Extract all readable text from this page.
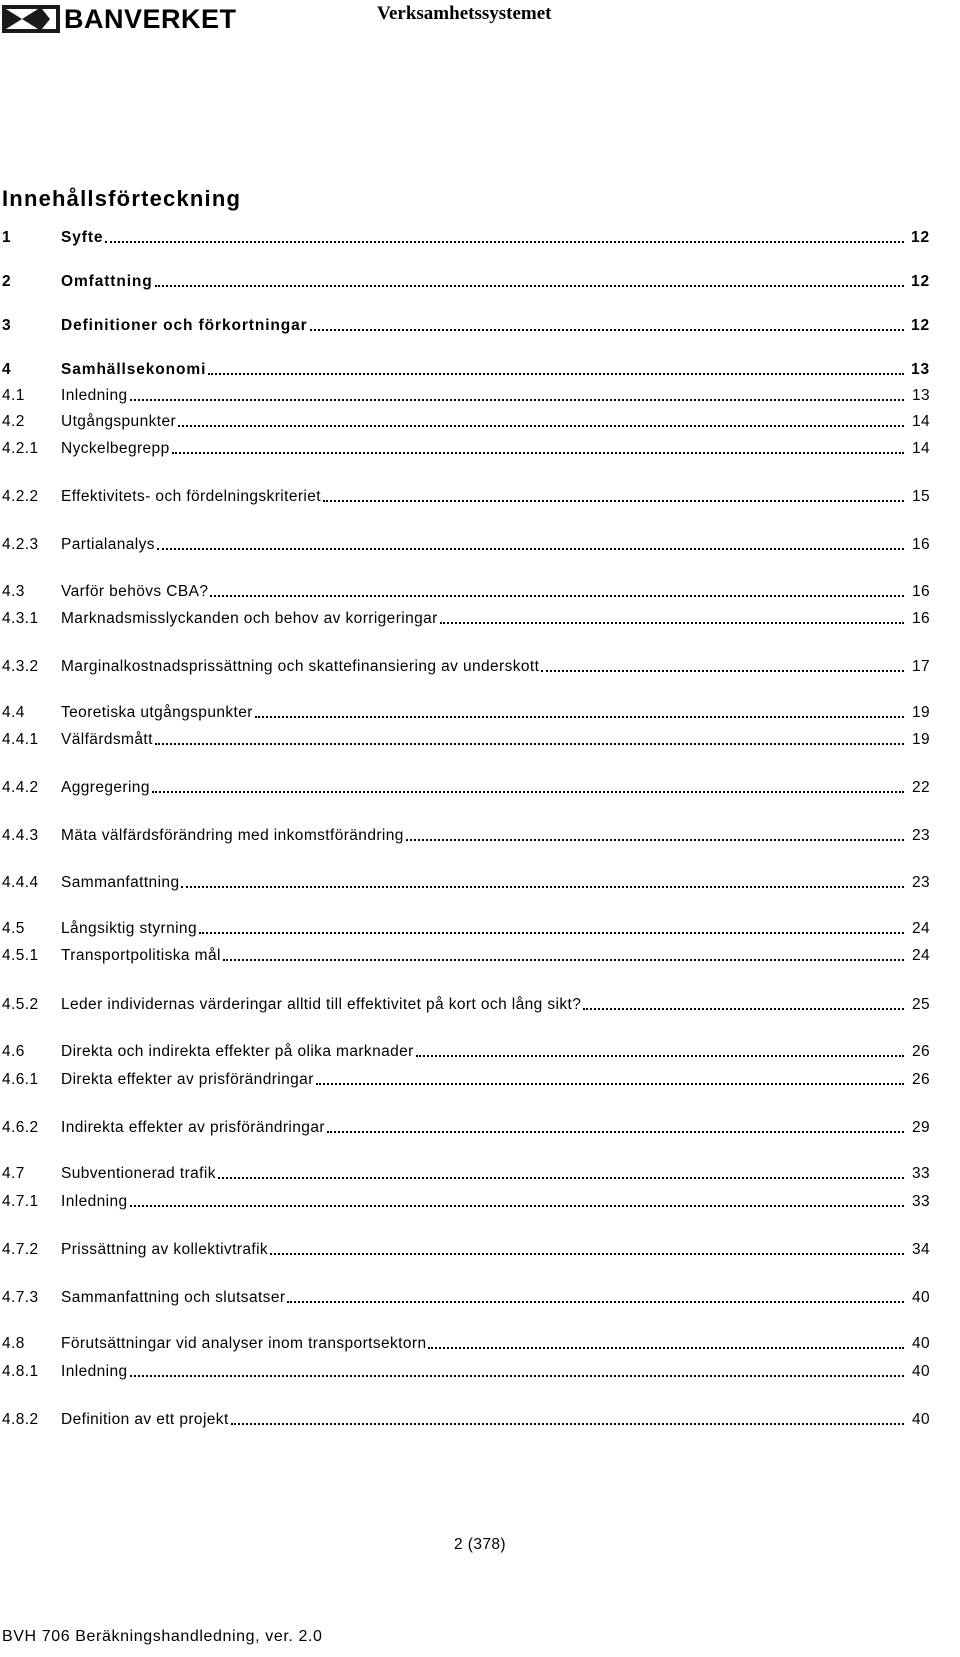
BANVERKET	Verksamhetssystemet
Innehållsförteckning
1	Syfte	12
2	Omfattning	12
3	Definitioner och förkortningar	12
4	Samhällsekonomi	13
4.1	Inledning	13
4.2	Utgångspunkter	14
4.2.1	Nyckelbegrepp	14
4.2.2	Effektivitets- och fördelningskriteriet	15
4.2.3	Partialanalys	16
4.3	Varför behövs CBA?	16
4.3.1	Marknadsmisslyckanden och behov av korrigeringar	16
4.3.2	Marginalkostnadsprissättning och skattefinansiering av underskott	17
4.4	Teoretiska utgångspunkter	19
4.4.1	Välfärdsmått	19
4.4.2	Aggregering	22
4.4.3	Mäta välfärdsförändring med inkomstförändring	23
4.4.4	Sammanfattning	23
4.5	Långsiktig styrning	24
4.5.1	Transportpolitiska mål	24
4.5.2	Leder individernas värderingar alltid till effektivitet på kort och lång sikt?	25
4.6	Direkta och indirekta effekter på olika marknader	26
4.6.1	Direkta effekter av prisförändringar	26
4.6.2	Indirekta effekter av prisförändringar	29
4.7	Subventionerad trafik	33
4.7.1	Inledning	33
4.7.2	Prissättning av kollektivtrafik	34
4.7.3	Sammanfattning och slutsatser	40
4.8	Förutsättningar vid analyser inom transportsektorn	40
4.8.1	Inledning	40
4.8.2	Definition av ett projekt	40
2 (378)
BVH 706 Beräkningshandledning, ver. 2.0
